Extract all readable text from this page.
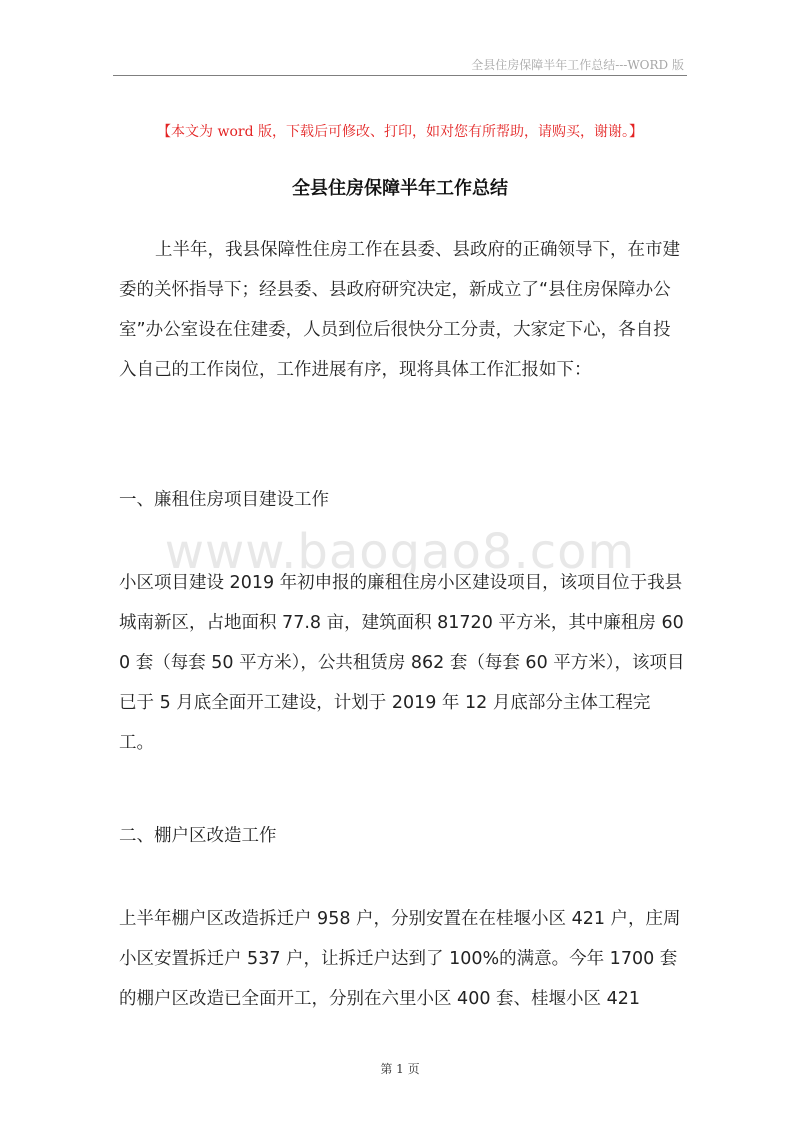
全县住房保障半年工作总结---WORD 版
【本文为 word 版，下载后可修改、打印，如对您有所帮助，请购买，谢谢。】
全县住房保障半年工作总结

上半年，我县保障性住房工作在县委、县政府的正确领导下，在市建委的关怀指导下；经县委、县政府研究决定，新成立了“县住房保障办公室”办公室设在住建委，人员到位后很快分工分责，大家定下心，各自投入自己的工作岗位，工作进展有序，现将具体工作汇报如下：

一、廉租住房项目建设工作
www.baogao8.com

小区项目建设 2019 年初申报的廉租住房小区建设项目，该项目位于我县城南新区，占地面积 77.8 亩，建筑面积 81720 平方米，其中廉租房 600 套（每套 50 平方米），公共租赁房 862 套（每套 60 平方米），该项目已于 5 月底全面开工建设，计划于 2019 年 12 月底部分主体工程完工。

二、棚户区改造工作

上半年棚户区改造拆迁户 958 户，分别安置在在桂堰小区 421 户，庄周小区安置拆迁户 537 户，让拆迁户达到了 100%的满意。今年 1700 套的棚户区改造已全面开工，分别在六里小区 400 套、桂堰小区 421

第 1 页
